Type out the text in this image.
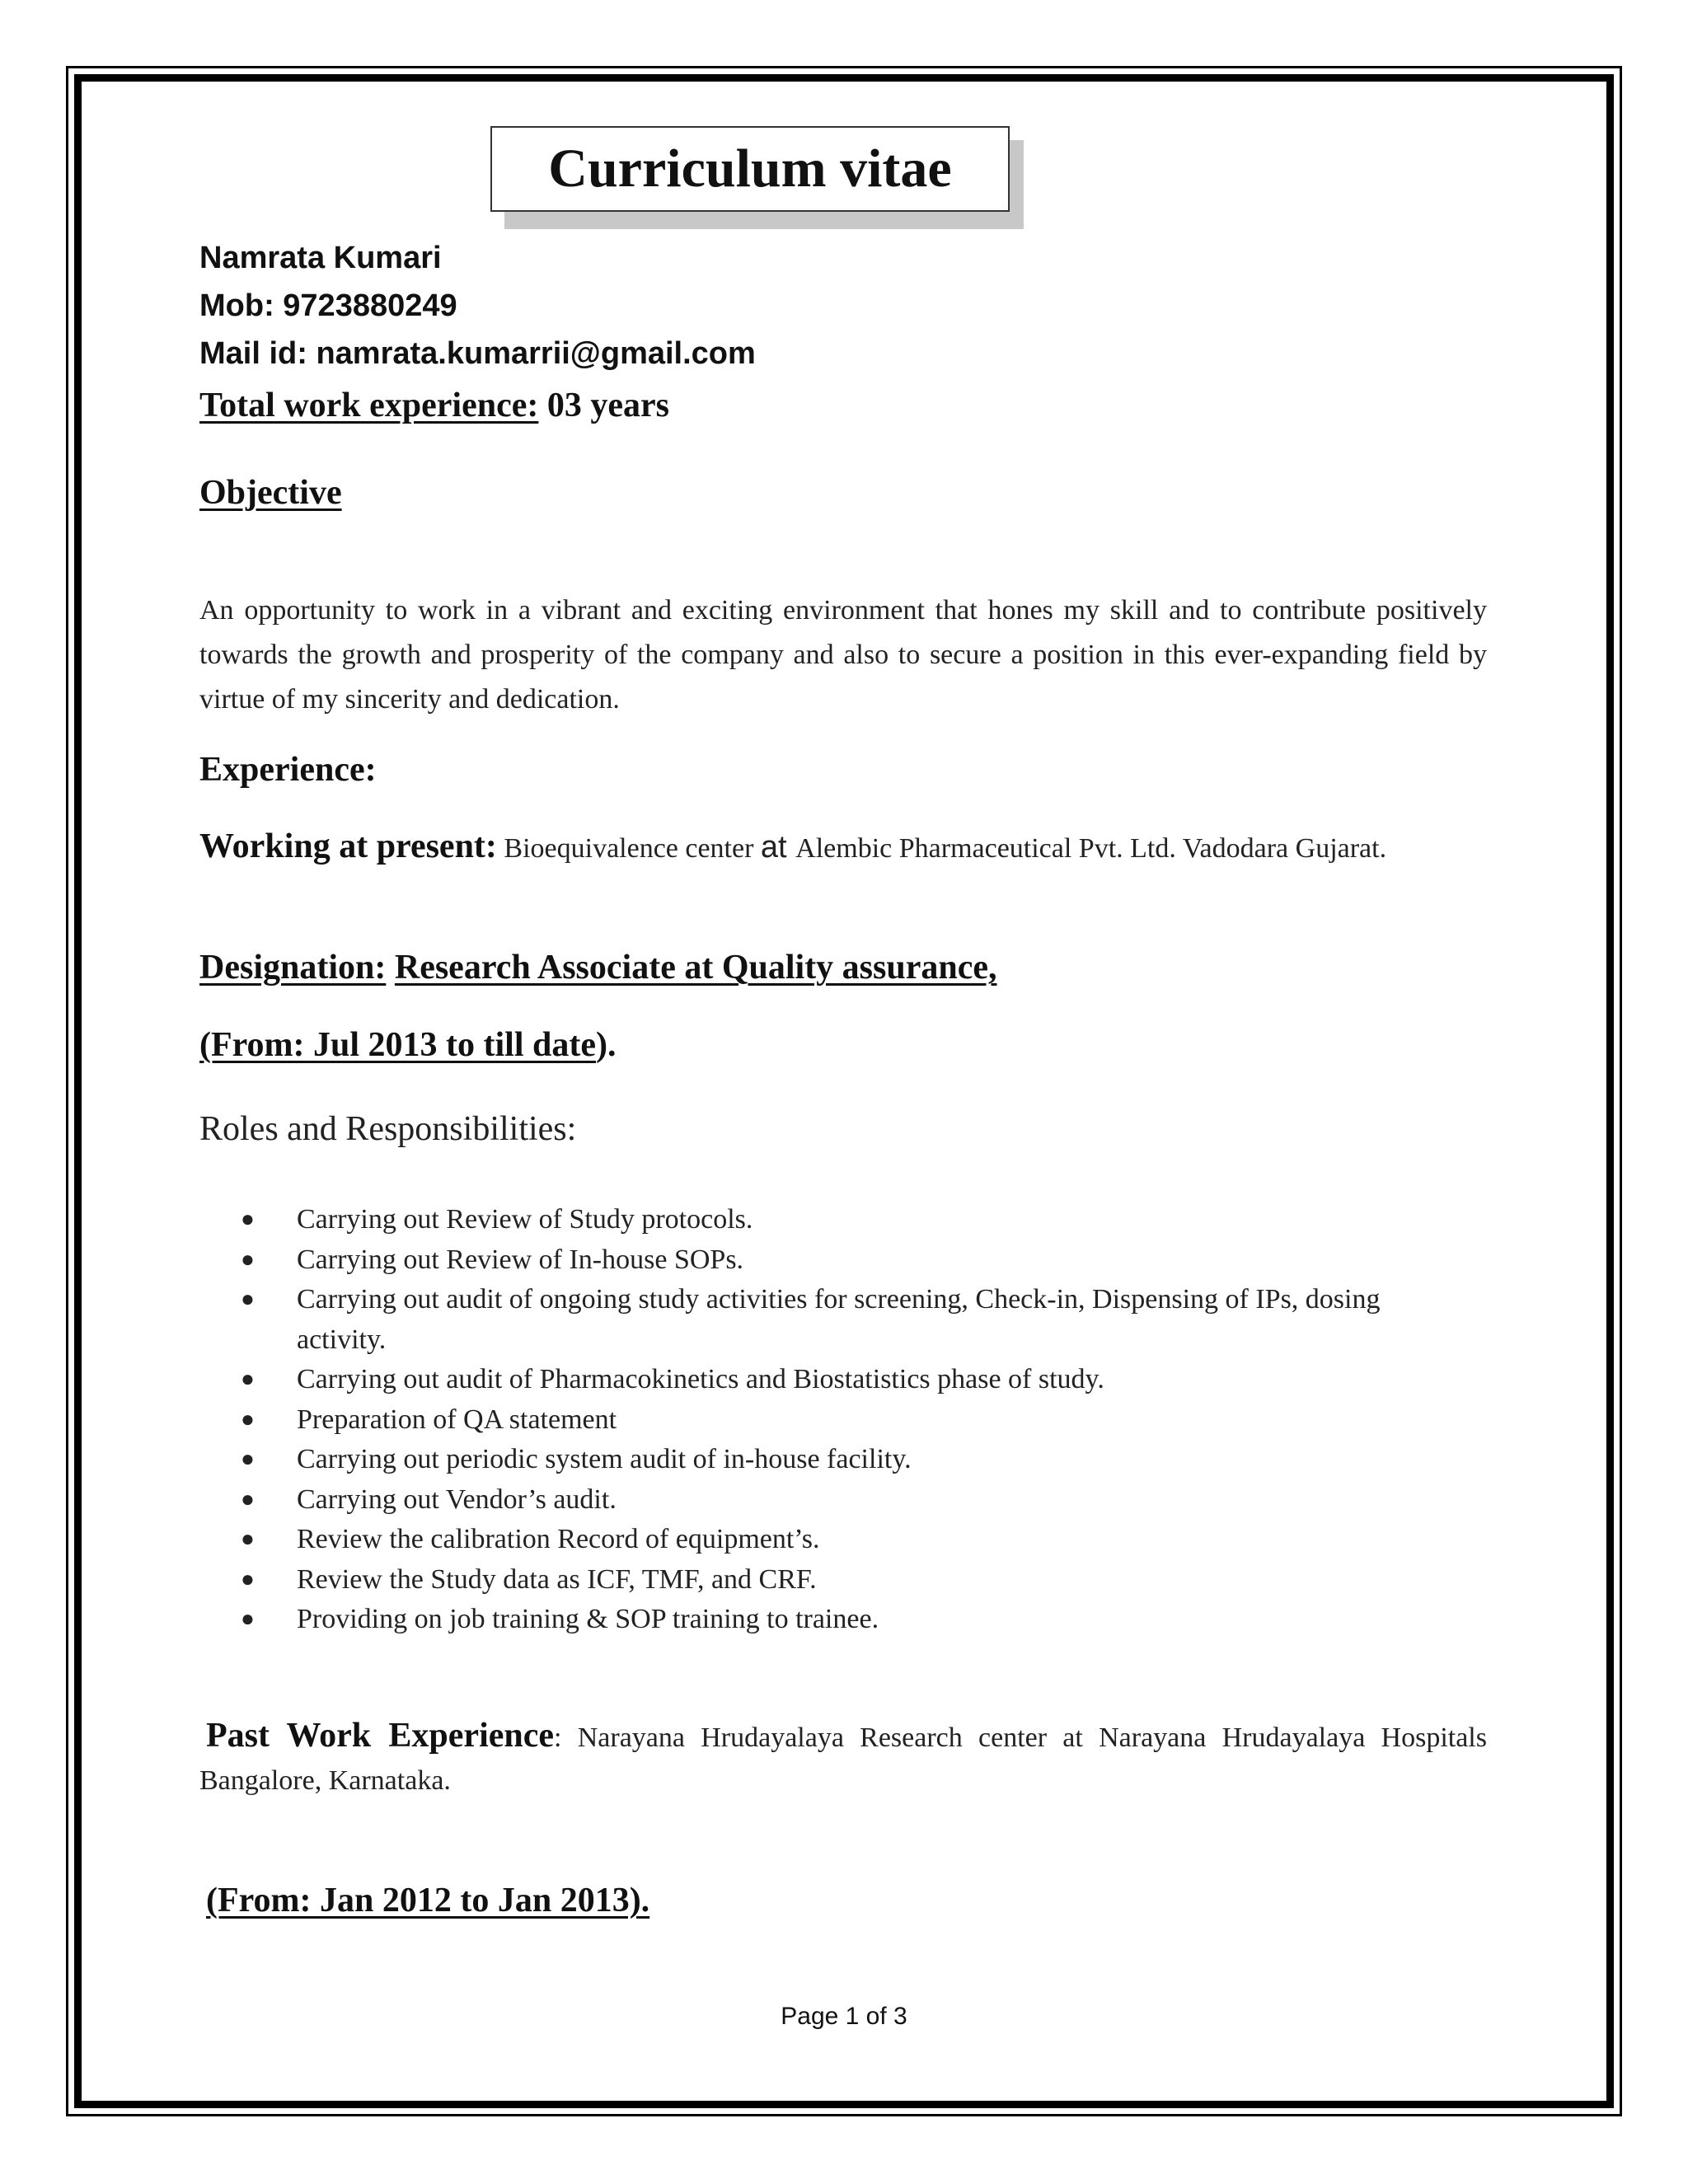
Curriculum vitae
Namrata Kumari
Mob: 9723880249
Mail id: namrata.kumarrii@gmail.com
Total work experience: 03 years
Objective
An opportunity to work in a vibrant and exciting environment that hones my skill and to contribute positively towards the growth and prosperity of the company and also to secure a position in this ever-expanding field by virtue of my sincerity and dedication.
Experience:
Working at present: Bioequivalence center at Alembic Pharmaceutical Pvt. Ltd. Vadodara Gujarat.
Designation: Research Associate at Quality assurance,
(From: Jul 2013 to till date).
Roles and Responsibilities:
● Carrying out Review of Study protocols.
● Carrying out Review of In-house SOPs.
● Carrying out audit of ongoing study activities for screening, Check-in, Dispensing of IPs, dosing activity.
● Carrying out audit of Pharmacokinetics and Biostatistics phase of study.
● Preparation of QA statement
● Carrying out periodic system audit of in-house facility.
● Carrying out Vendor’s audit.
● Review the calibration Record of equipment’s.
● Review the Study data as ICF, TMF, and CRF.
● Providing on job training & SOP training to trainee.
Past Work Experience: Narayana Hrudayalaya Research center at Narayana Hrudayalaya Hospitals Bangalore, Karnataka.
(From: Jan 2012 to Jan 2013).
Page 1 of 3
